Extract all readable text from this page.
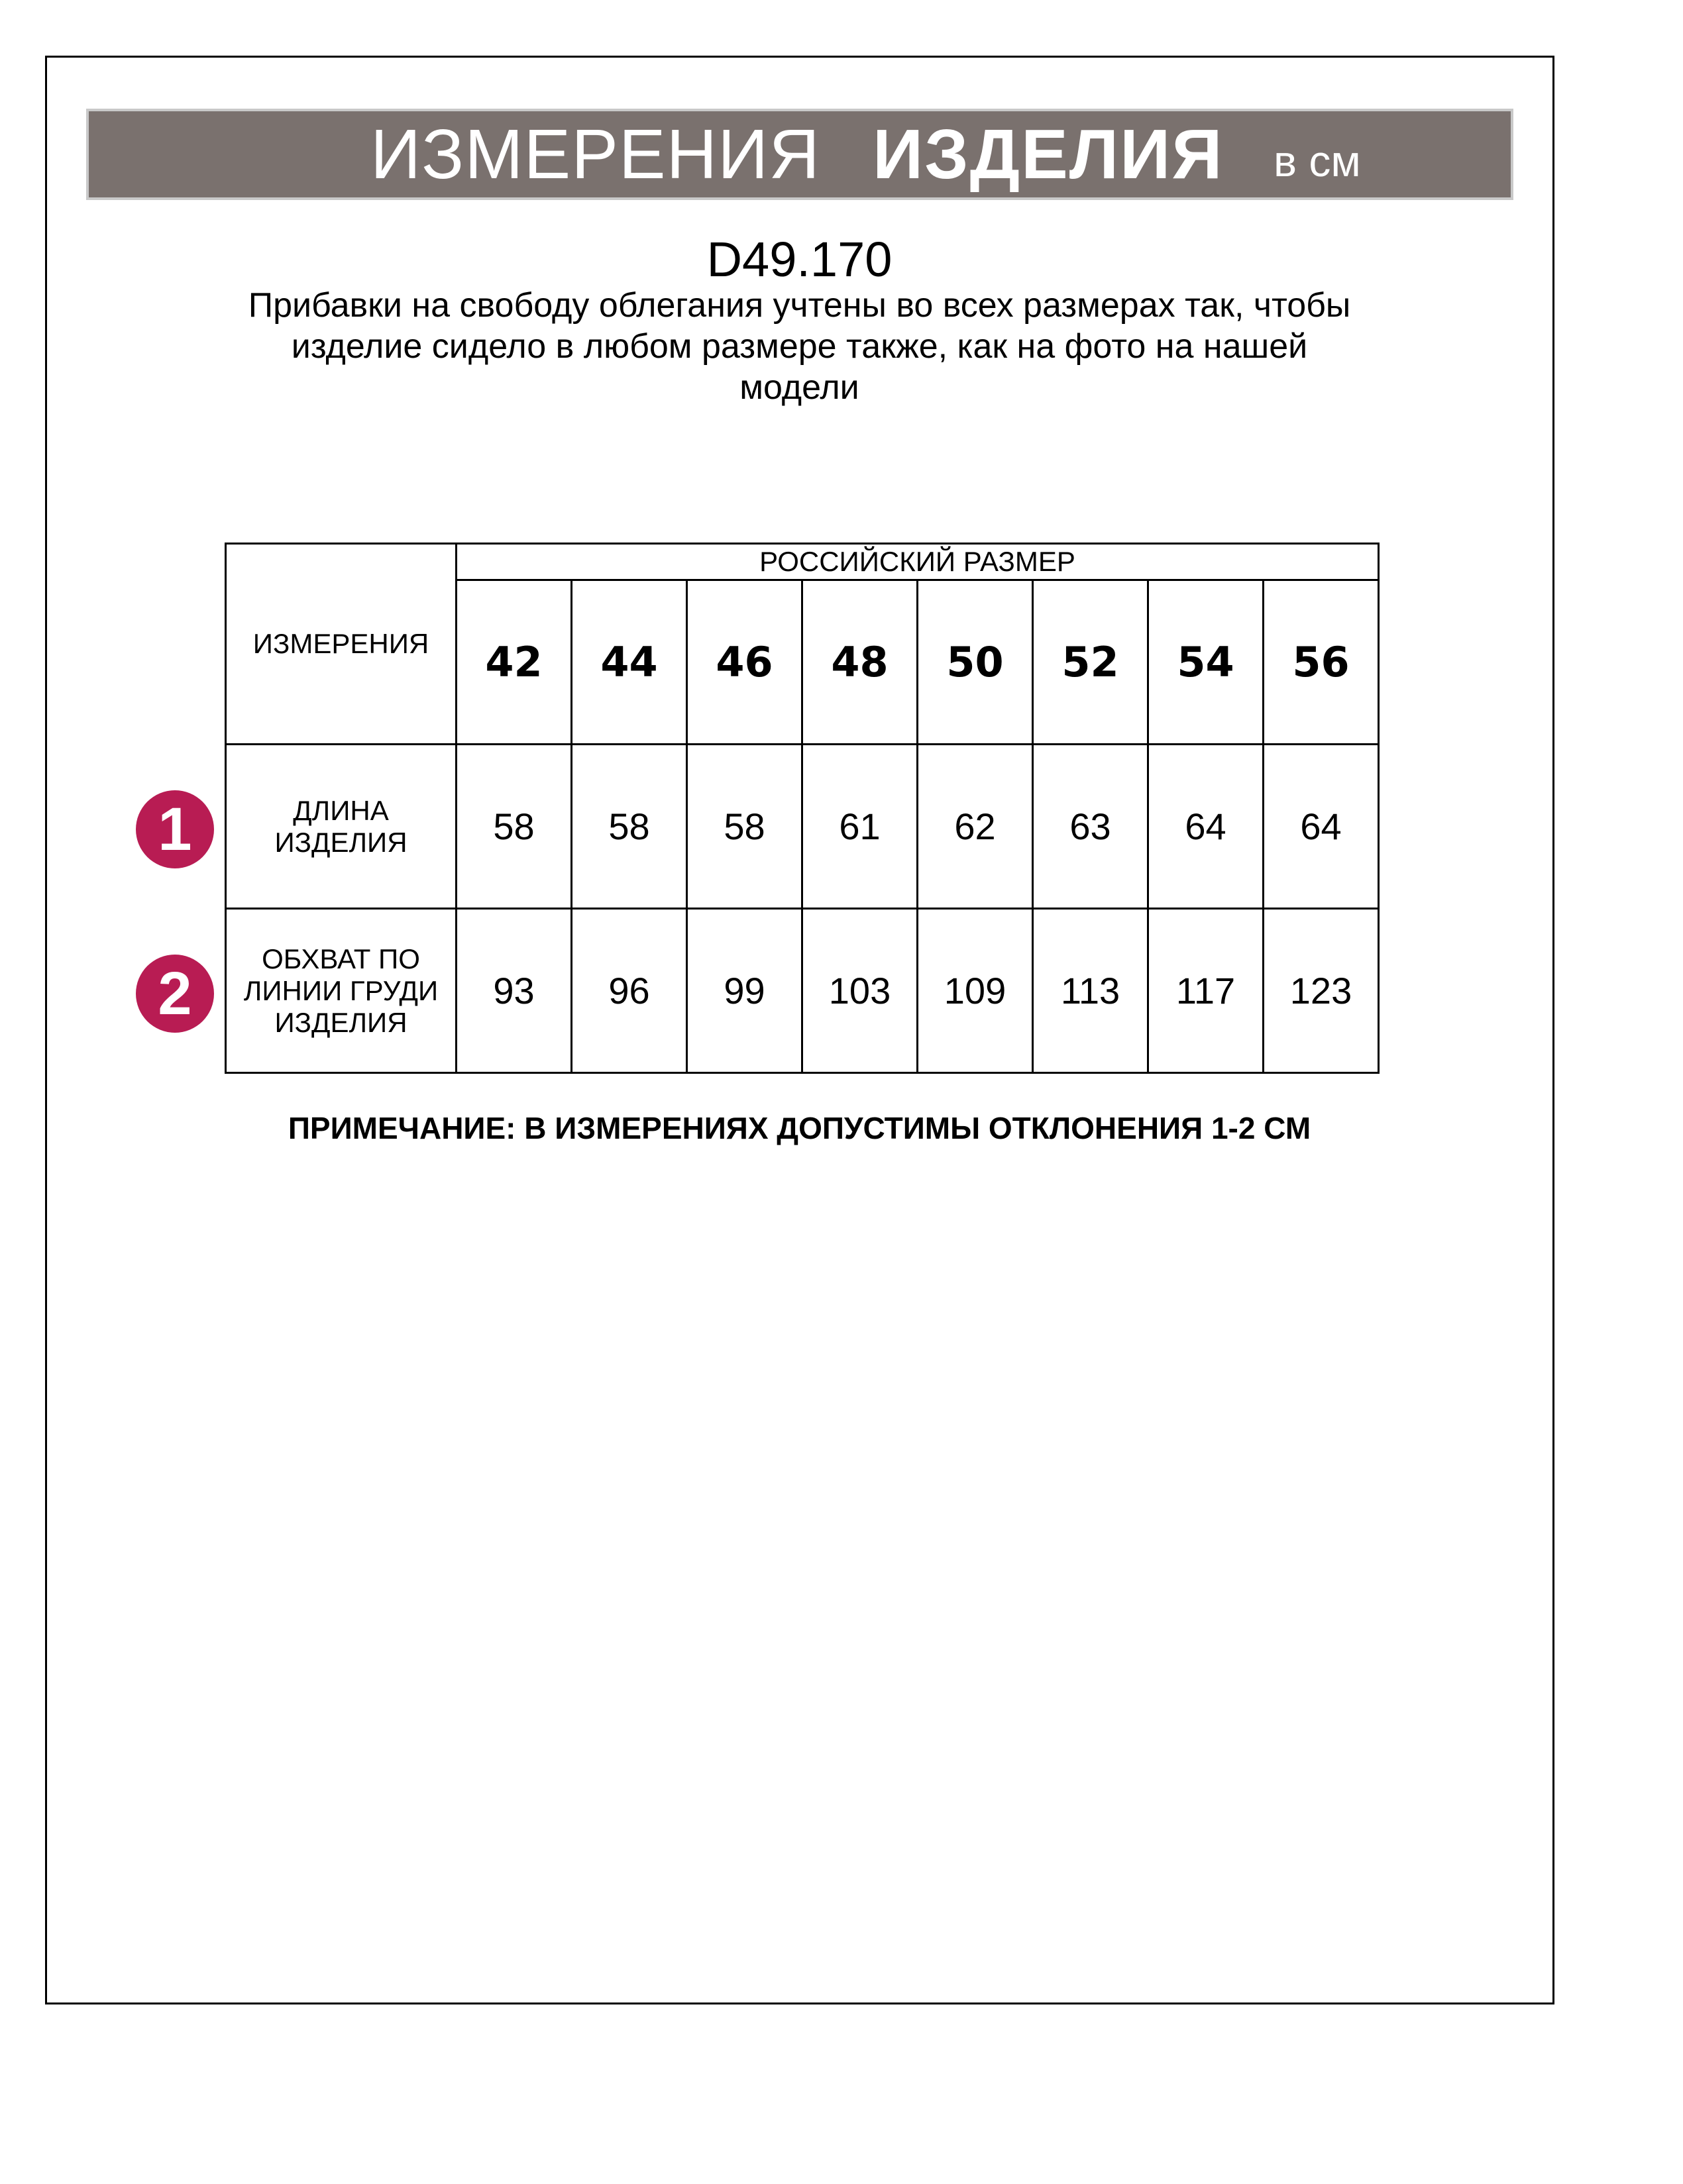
ИЗМЕРЕНИЯ ИЗДЕЛИЯ в см
D49.170
Прибавки на свободу облегания учтены во всех размерах так, чтобы
изделие сидело в любом размере также, как на фото на нашей
модели
ИЗМЕРЕНИЯ	РОССИЙСКИЙ РАЗМЕР							
	42	44	46	48	50	52	54	56

ДЛИНА
ИЗДЕЛИЯ	58	58	58	61	62	63	64	64

ОБХВАТ ПО
ЛИНИИ ГРУДИ
ИЗДЕЛИЯ	93	96	99	103	109	113	117	123
1
2
ПРИМЕЧАНИЕ: В ИЗМЕРЕНИЯХ ДОПУСТИМЫ ОТКЛОНЕНИЯ 1-2 СМ
